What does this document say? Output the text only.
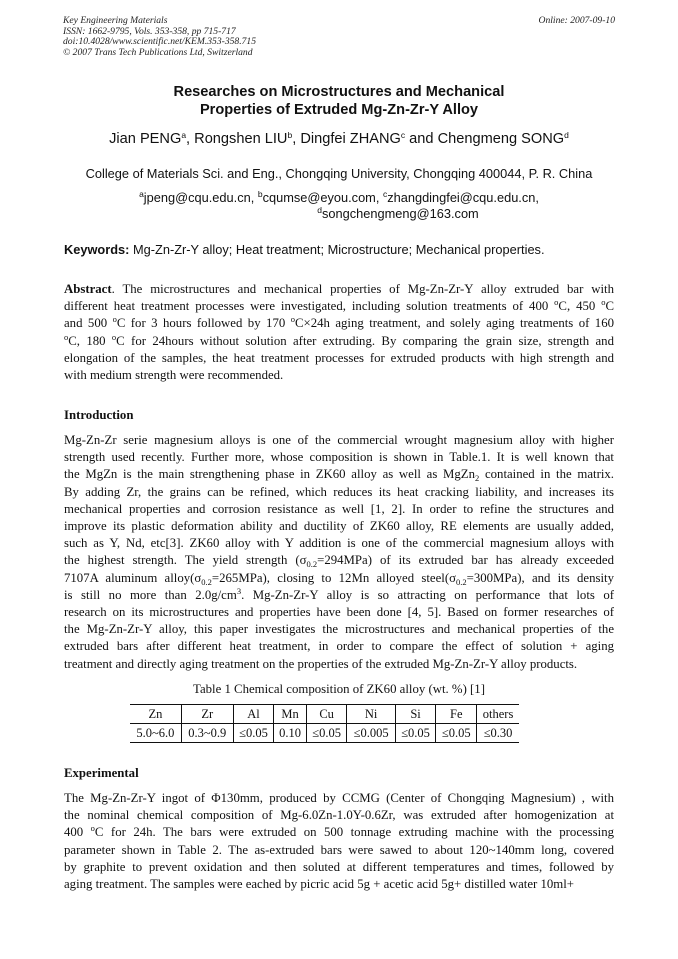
Key Engineering Materials
ISSN: 1662-9795, Vols. 353-358, pp 715-717
doi:10.4028/www.scientific.net/KEM.353-358.715
© 2007 Trans Tech Publications Ltd, Switzerland
Online: 2007-09-10
Researches on Microstructures and Mechanical
Properties of Extruded Mg-Zn-Zr-Y Alloy
Jian PENG$^a$, Rongshen LIU$^b$, Dingfei ZHANG$^c$ and Chengmeng SONG$^d$
College of Materials Sci. and Eng., Chongqing University, Chongqing 400044, P. R. China
$^a$jpeng@cqu.edu.cn, $^b$cqumse@eyou.com, $^c$zhangdingfei@cqu.edu.cn,
$^d$songchengmeng@163.com
Keywords: Mg-Zn-Zr-Y alloy; Heat treatment; Microstructure; Mechanical properties.
Abstract. The microstructures and mechanical properties of Mg-Zn-Zr-Y alloy extruded bar with
different heat treatment processes were investigated, including solution treatments of 400 $^o$C, 450 $^o$C
and 500 $^o$C for 3 hours followed by 170 $^o$C×24h aging treatment, and solely aging treatments of 160
$^o$C, 180 $^o$C for 24hours without solution after extruding. By comparing the grain size, strength and
elongation of the samples, the heat treatment processes for extruded products with high strength and
with medium strength were recommended.
Introduction
Mg-Zn-Zr serie magnesium alloys is one of the commercial wrought magnesium alloy with higher
strength used recently. Further more, whose composition is shown in Table.1. It is well known that
the MgZn is the main strengthening phase in ZK60 alloy as well as MgZn$_2$ contained in the matrix.
By adding Zr, the grains can be refined, which reduces its heat cracking liability, and increases its
mechanical properties and corrosion resistance as well [1, 2]. In order to refine the structures and
improve its plastic deformation ability and ductility of ZK60 alloy, RE elements are usually added,
such as Y, Nd, etc[3]. ZK60 alloy with Y addition is one of the commercial magnesium alloys with
the highest strength. The yield strength $(\sigma_{0.2}=294MPa)$ of its extruded bar has already exceeded
7107A aluminum $alloy(\sigma_{0.2}=265MPa)$, closing to 12Mn alloyed $steel(\sigma_{0.2}=300MPa)$, and its density
is still no more than $2.0g/cm^3$. Mg-Zn-Zr-Y alloy is so attracting on performance that lots of
research on its microstructures and properties have been done [4, 5]. Based on former researches of
the Mg-Zn-Zr-Y alloy, this paper investigates the microstructures and mechanical properties of the
extruded bars after different heat treatment, in order to compare the effect of solution + aging
treatment and directly aging treatment on the properties of the extruded Mg-Zn-Zr-Y alloy products.
Table 1 Chemical composition of ZK60 alloy (wt. %) [1]
Zn	Zr	Al	Mn	Cu	Ni	Si	Fe	others
5.0~6.0	0.3~0.9	≤0.05	0.10	≤0.05	≤0.005	≤0.05	≤0.05	≤0.30
Experimental
The Mg-Zn-Zr-Y ingot of Φ130mm, produced by CCMG (Center of Chongqing Magnesium) , with
the nominal chemical composition of Mg-6.0Zn-1.0Y-0.6Zr, was extruded after homogenization at
400 $^o$C for 24h. The bars were extruded on 500 tonnage extruding machine with the processing
parameter shown in Table 2. The as-extruded bars were sawed to about 120~140mm long, covered
by graphite to prevent oxidation and then soluted at different temperatures and times, followed by
aging treatment. The samples were eached by picric acid 5g + acetic acid 5g+ distilled water 10ml+
